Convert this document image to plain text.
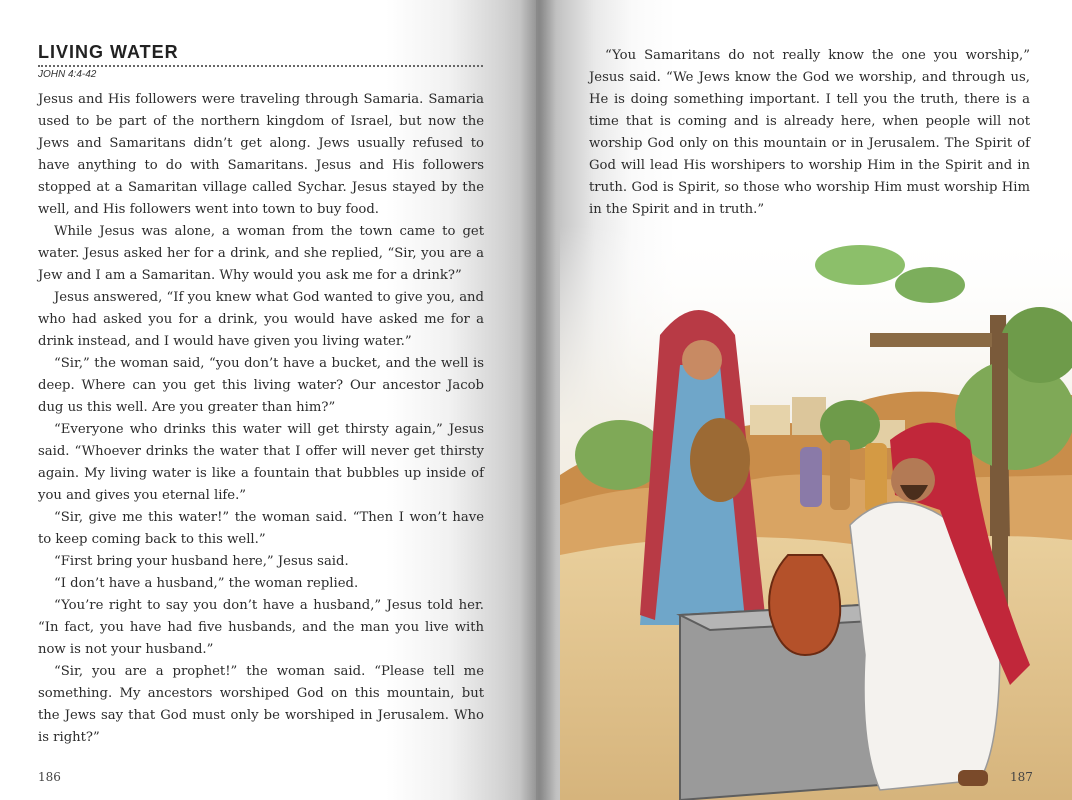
LIVING WATER
JOHN 4:4-42

Jesus and His followers were traveling through Samaria. Samaria used to be part of the northern kingdom of Israel, but now the Jews and Samaritans didn’t get along. Jews usually refused to have anything to do with Samaritans. Jesus and His followers stopped at a Samaritan village called Sychar. Jesus stayed by the well, and His followers went into town to buy food.

While Jesus was alone, a woman from the town came to get water. Jesus asked her for a drink, and she replied, “Sir, you are a Jew and I am a Samaritan. Why would you ask me for a drink?”

Jesus answered, “If you knew what God wanted to give you, and who had asked you for a drink, you would have asked me for a drink instead, and I would have given you living water.”

“Sir,” the woman said, “you don’t have a bucket, and the well is deep. Where can you get this living water? Our ancestor Jacob dug us this well. Are you greater than him?”

“Everyone who drinks this water will get thirsty again,” Jesus said. “Whoever drinks the water that I offer will never get thirsty again. My living water is like a fountain that bubbles up inside of you and gives you eternal life.”

“Sir, give me this water!” the woman said. “Then I won’t have to keep coming back to this well.”

“First bring your husband here,” Jesus said.

“I don’t have a husband,” the woman replied.

“You’re right to say you don’t have a husband,” Jesus told her. “In fact, you have had five husbands, and the man you live with now is not your husband.”

“Sir, you are a prophet!” the woman said. “Please tell me something. My ancestors worshiped God on this mountain, but the Jews say that God must only be worshiped in Jerusalem. Who is right?”

186

“You Samaritans do not really know the one you worship,” Jesus said. “We Jews know the God we worship, and through us, He is doing something important. I tell you the truth, there is a time that is coming and is already here, when people will not worship God only on this mountain or in Jerusalem. The Spirit of God will lead His worshipers to worship Him in the Spirit and in truth. God is Spirit, so those who worship Him must worship Him in the Spirit and in truth.”

187
